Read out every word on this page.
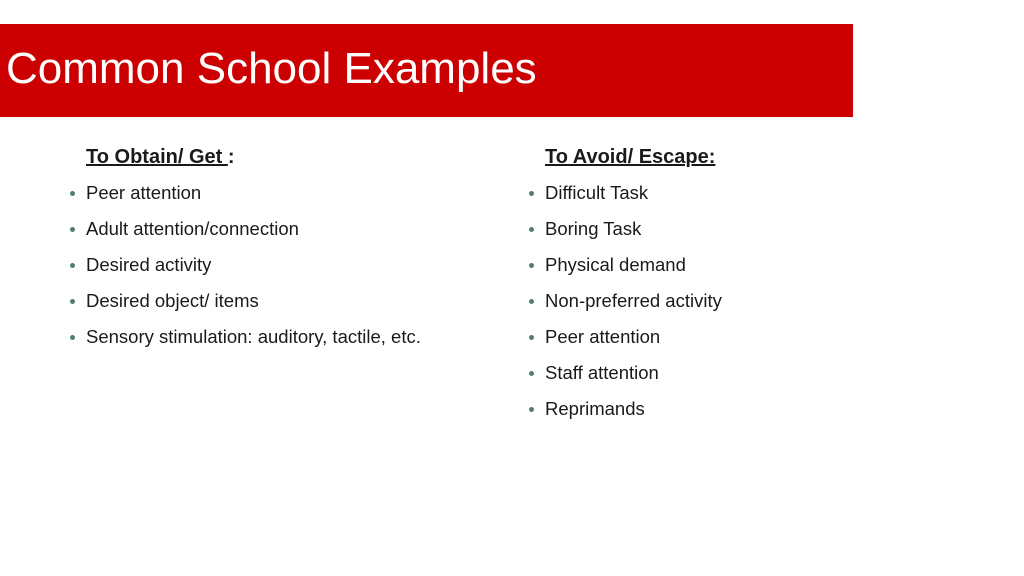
Common School Examples
To Obtain/ Get :
Peer attention
Adult attention/connection
Desired activity
Desired object/ items
Sensory stimulation: auditory, tactile, etc.
To Avoid/ Escape:
Difficult Task
Boring Task
Physical demand
Non-preferred activity
Peer attention
Staff attention
Reprimands
